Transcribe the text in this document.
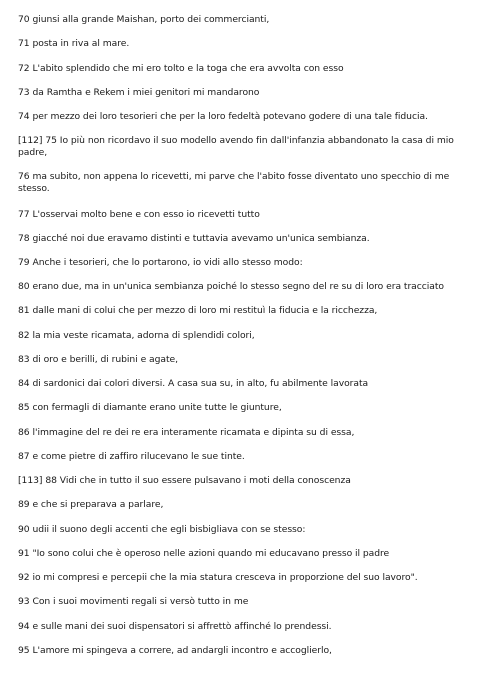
70 giunsi alla grande Maishan, porto dei commercianti,
71 posta in riva al mare.
72 L'abito splendido che mi ero tolto e la toga che era avvolta con esso
73 da Ramtha e Rekem i miei genitori mi mandarono
74 per mezzo dei loro tesorieri che per la loro fedeltà potevano godere di una tale fiducia.
[112] 75 Io più non ricordavo il suo modello avendo fin dall'infanzia abbandonato la casa di mio padre,
76 ma subito, non appena lo ricevetti, mi parve che l'abito fosse diventato uno specchio di me stesso.
77 L'osservai molto bene e con esso io ricevetti tutto
78 giacché noi due eravamo distinti e tuttavia avevamo un'unica sembianza.
79 Anche i tesorieri, che lo portarono, io vidi allo stesso modo:
80 erano due, ma in un'unica sembianza poiché lo stesso segno del re su di loro era tracciato
81 dalle mani di colui che per mezzo di loro mi restituì la fiducia e la ricchezza,
82 la mia veste ricamata, adorna di splendidi colori,
83 di oro e berilli, di rubini e agate,
84 di sardonici dai colori diversi. A casa sua su, in alto, fu abilmente lavorata
85 con fermagli di diamante erano unite tutte le giunture,
86 l'immagine del re dei re era interamente ricamata e dipinta su di essa,
87 e come pietre di zaffiro rilucevano le sue tinte.
[113] 88 Vidi che in tutto il suo essere pulsavano i moti della conoscenza
89 e che si preparava a parlare,
90 udii il suono degli accenti che egli bisbigliava con se stesso:
91 "Io sono colui che è operoso nelle azioni quando mi educavano presso il padre
92 io mi compresi e percepii che la mia statura cresceva in proporzione del suo lavoro".
93 Con i suoi movimenti regali si versò tutto in me
94 e sulle mani dei suoi dispensatori si affrettò affinché lo prendessi.
95 L'amore mi spingeva a correre, ad andargli incontro e accoglierlo,
